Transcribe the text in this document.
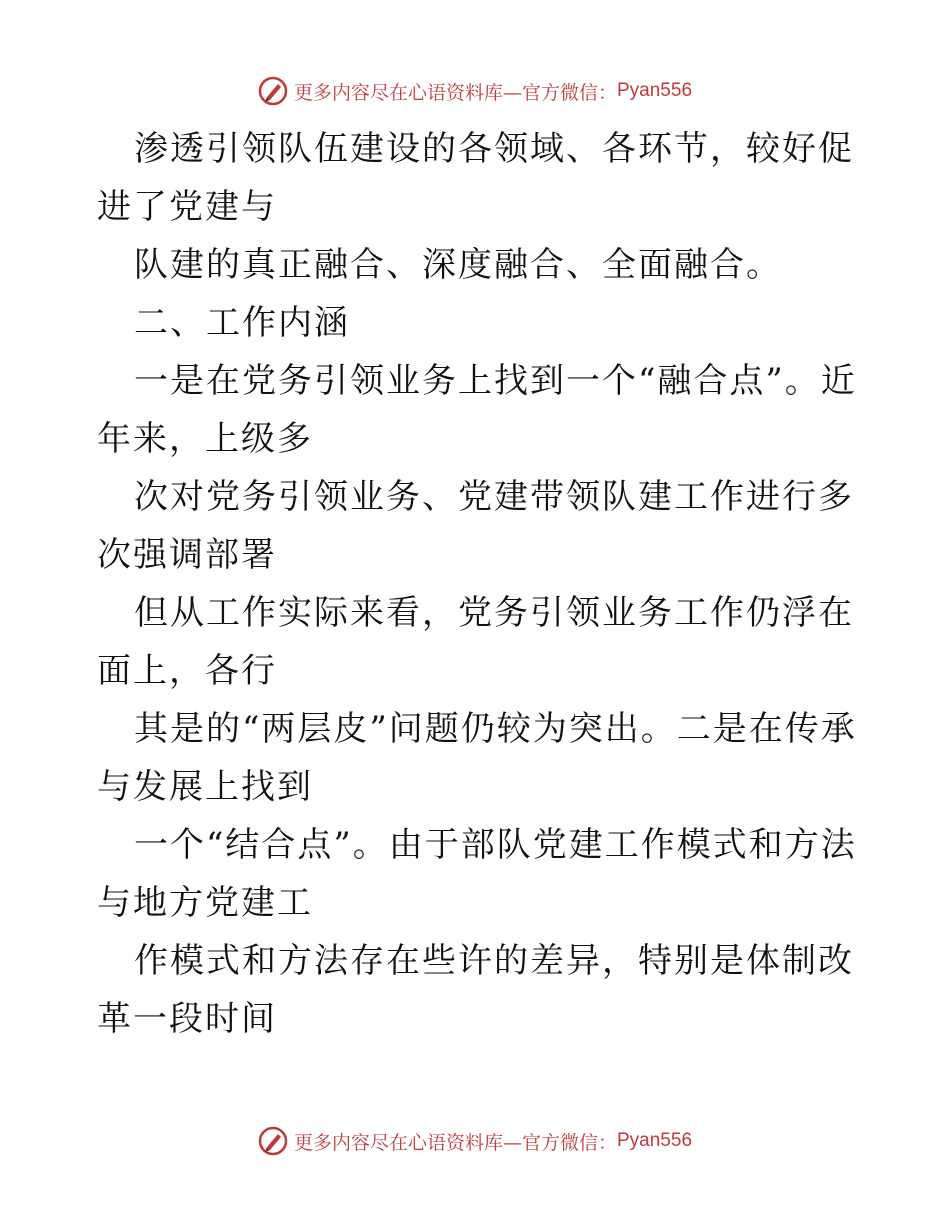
更多内容尽在心语资料库—官方微信： Pyan556

渗透引领队伍建设的各领域、各环节，较好促进了党建与

队建的真正融合、深度融合、全面融合。

二、工作内涵

一是在党务引领业务上找到一个“融合点”。近年来，上级多

次对党务引领业务、党建带领队建工作进行多次强调部署

但从工作实际来看，党务引领业务工作仍浮在面上，各行

其是的“两层皮”问题仍较为突出。二是在传承与发展上找到

一个“结合点”。由于部队党建工作模式和方法与地方党建工

作模式和方法存在些许的差异，特别是体制改革一段时间

更多内容尽在心语资料库—官方微信： Pyan556
